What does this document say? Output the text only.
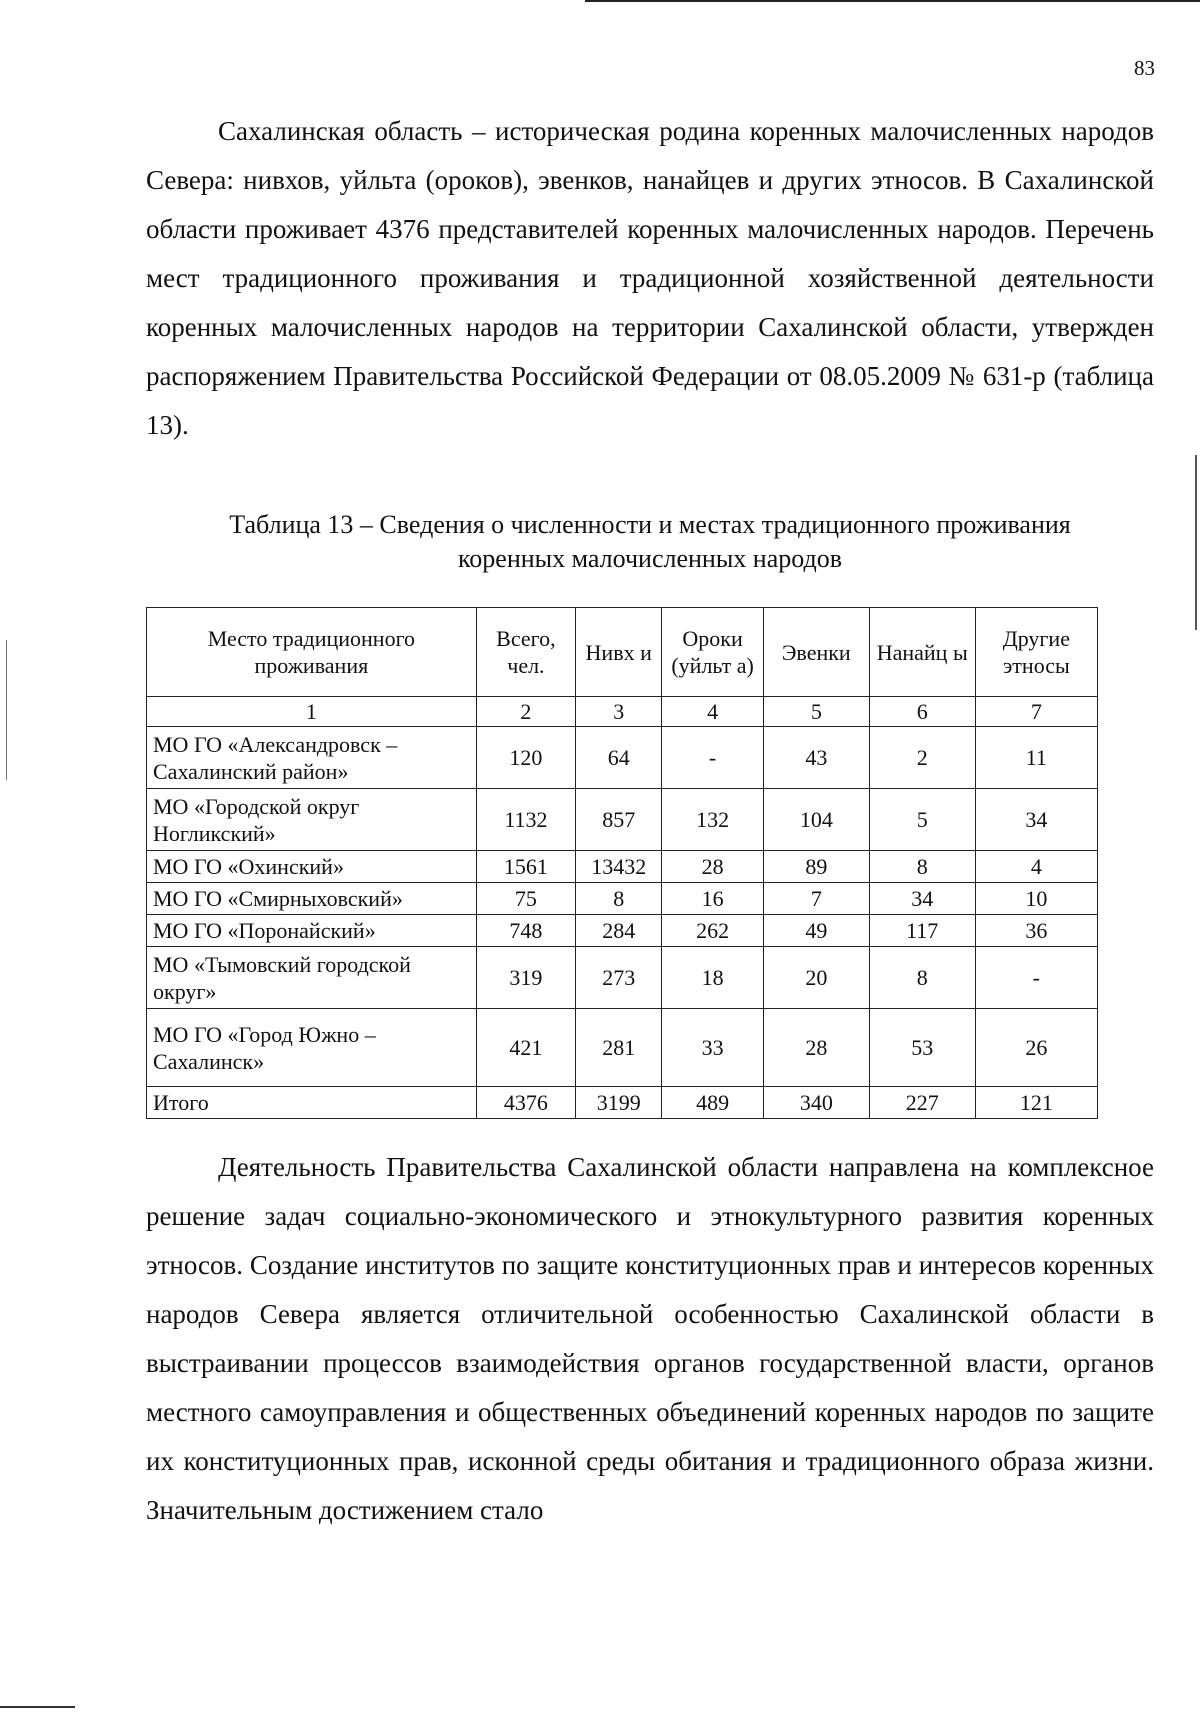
83

Сахалинская область – историческая родина коренных малочисленных народов Севера: нивхов, уйльта (ороков), эвенков, нанайцев и других этносов. В Сахалинской области проживает 4376 представителей коренных малочисленных народов. Перечень мест традиционного проживания и традиционной хозяйственной деятельности коренных малочисленных народов на территории Сахалинской области, утвержден распоряжением Правительства Российской Федерации от 08.05.2009 № 631-р (таблица 13).

Таблица 13 – Сведения о численности и местах традиционного проживания
коренных малочисленных народов
Место традиционного проживания	Всего, чел.	Нивх и	Ороки (уйльт а)	Эвенки	Нанайц ы	Другие этносы
1	2	3	4	5	6	7
МО ГО «Александровск – Сахалинский район»	120	64	-	43	2	11
МО «Городской округ Ногликский»	1132	857	132	104	5	34
МО ГО «Охинский»	1561	13432	28	89	8	4
МО ГО «Смирныховский»	75	8	16	7	34	10
МО ГО «Поронайский»	748	284	262	49	117	36
МО «Тымовский городской округ»	319	273	18	20	8	-
МО ГО «Город Южно – Сахалинск»	421	281	33	28	53	26
Итого	4376	3199	489	340	227	121

Деятельность Правительства Сахалинской области направлена на комплексное решение задач социально-экономического и этнокультурного развития коренных этносов. Создание институтов по защите конституционных прав и интересов коренных народов Севера является отличительной особенностью Сахалинской области в выстраивании процессов взаимодействия органов государственной власти, органов местного самоуправления и общественных объединений коренных народов по защите их конституционных прав, исконной среды обитания и традиционного образа жизни. Значительным достижением стало
